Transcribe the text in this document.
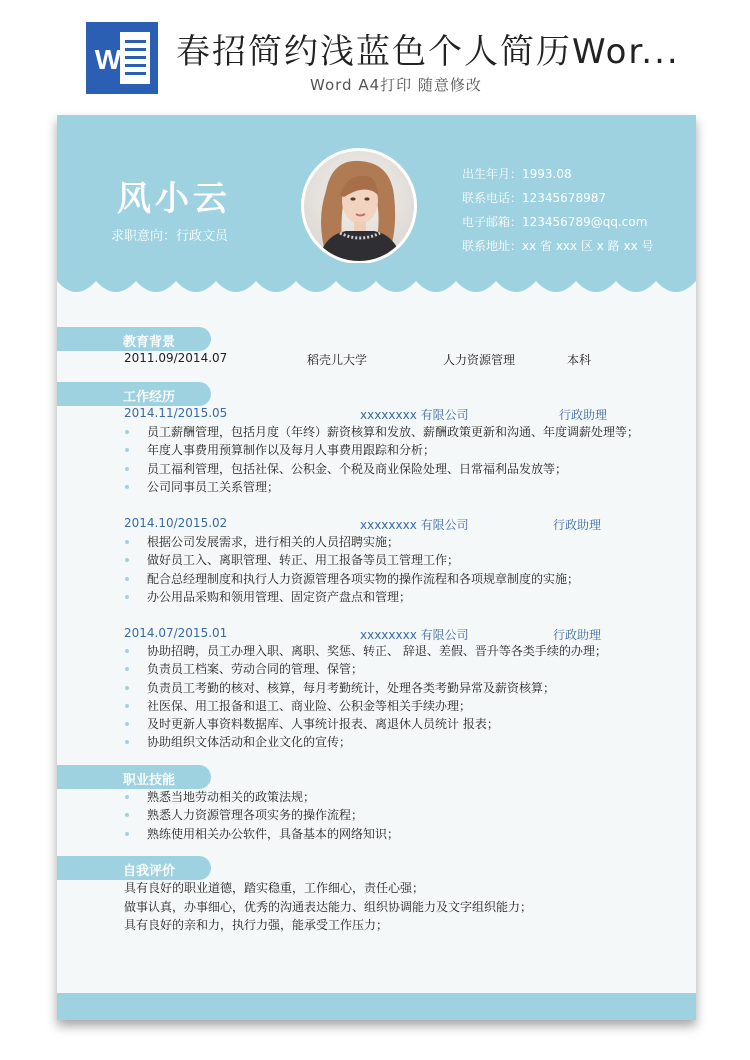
W 春招简约浅蓝色个人简历Wor...
Word A4打印 随意修改
风小云
求职意向：行政文员
出生年月：1993.08
联系电话：12345678987
电子邮箱：123456789@qq.com
联系地址：xx 省 xxx 区 x 路 xx 号
教育背景
2011.09/2014.07	稻壳儿大学	人力资源管理	本科
工作经历
2014.11/2015.05	xxxxxxxx 有限公司	行政助理
员工薪酬管理，包括月度（年终）薪资核算和发放、薪酬政策更新和沟通、年度调薪处理等；
年度人事费用预算制作以及每月人事费用跟踪和分析；
员工福利管理，包括社保、公积金、个税及商业保险处理、日常福利品发放等；
公司同事员工关系管理；
2014.10/2015.02	xxxxxxxx 有限公司	行政助理
根据公司发展需求，进行相关的人员招聘实施；
做好员工入、离职管理、转正、用工报备等员工管理工作；
配合总经理制度和执行人力资源管理各项实物的操作流程和各项规章制度的实施；
办公用品采购和领用管理、固定资产盘点和管理；
2014.07/2015.01	xxxxxxxx 有限公司	行政助理
协助招聘，员工办理入职、离职、奖惩、转正、 辞退、差假、晋升等各类手续的办理；
负责员工档案、劳动合同的管理、保管；
负责员工考勤的核对、核算，每月考勤统计，处理各类考勤异常及薪资核算；
社医保、用工报备和退工、商业险、公积金等相关手续办理；
及时更新人事资料数据库、人事统计报表、离退休人员统计 报表；
协助组织文体活动和企业文化的宣传；
职业技能
熟悉当地劳动相关的政策法规；
熟悉人力资源管理各项实务的操作流程；
熟练使用相关办公软件，具备基本的网络知识；
自我评价
具有良好的职业道德，踏实稳重，工作细心，责任心强；
做事认真，办事细心，优秀的沟通表达能力、组织协调能力及文字组织能力；
具有良好的亲和力，执行力强，能承受工作压力；
